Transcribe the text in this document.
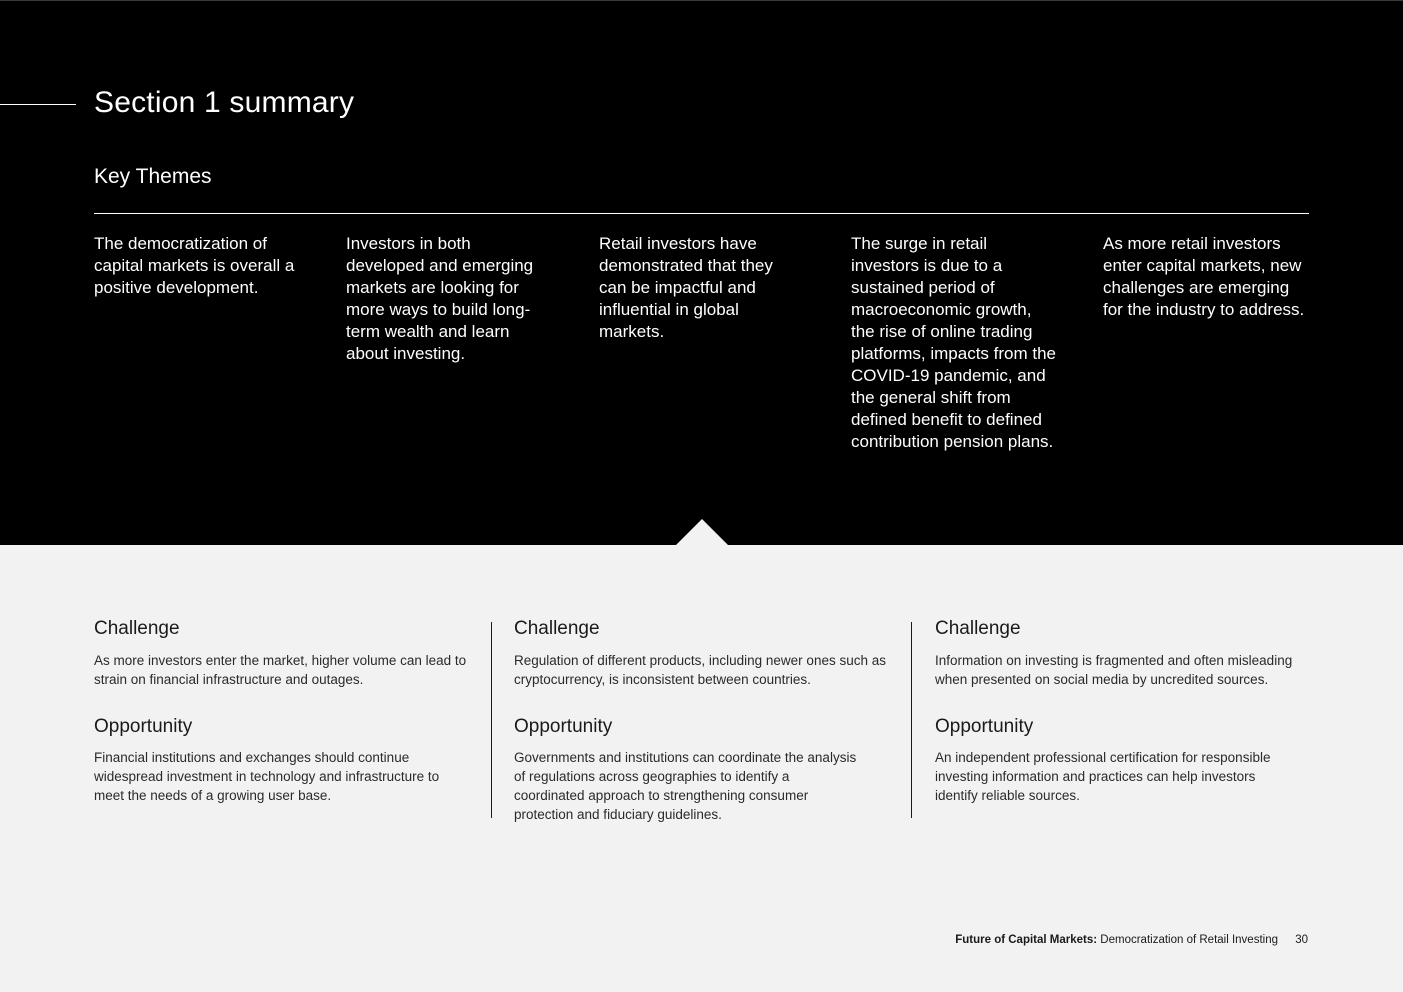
Section 1 summary
Key Themes

The democratization of capital markets is overall a positive development.

Investors in both developed and emerging markets are looking for more ways to build long-term wealth and learn about investing.

Retail investors have demonstrated that they can be impactful and influential in global markets.

The surge in retail investors is due to a sustained period of macroeconomic growth, the rise of online trading platforms, impacts from the COVID-19 pandemic, and the general shift from defined benefit to defined contribution pension plans.

As more retail investors enter capital markets, new challenges are emerging for the industry to address.

Challenge

As more investors enter the market, higher volume can lead to strain on financial infrastructure and outages.

Opportunity

Financial institutions and exchanges should continue widespread investment in technology and infrastructure to meet the needs of a growing user base.

Challenge

Regulation of different products, including newer ones such as cryptocurrency, is inconsistent between countries.

Opportunity

Governments and institutions can coordinate the analysis of regulations across geographies to identify a coordinated approach to strengthening consumer protection and fiduciary guidelines.

Challenge

Information on investing is fragmented and often misleading when presented on social media by uncredited sources.

Opportunity

An independent professional certification for responsible investing information and practices can help investors identify reliable sources.

Future of Capital Markets: Democratization of Retail Investing 30
